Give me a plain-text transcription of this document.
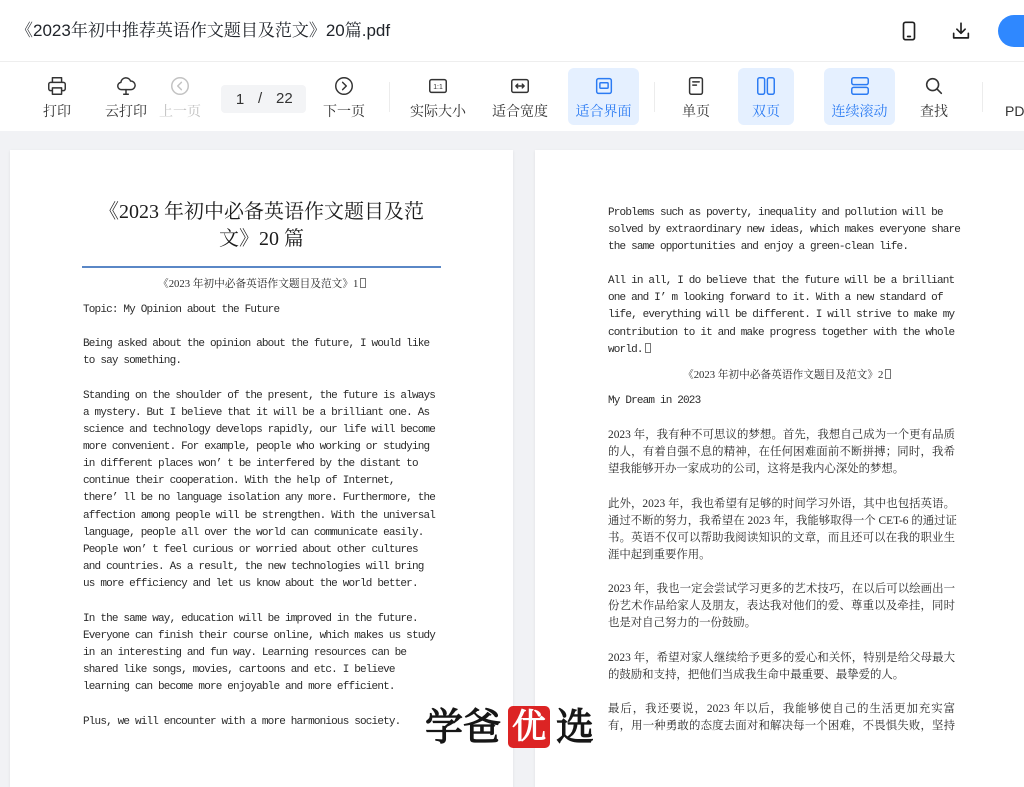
《2023年初中推荐英语作文题目及范文》20篇.pdf
打印	云打印 上一页
1
/ 22
下一页
1:1
实际大小	适合宽度	适合界面	单页	双页	连续滚动	查找	PD
《2023 年初中必备英语作文题目及范
文》20 篇
《2023 年初中必备英语作文题目及范文》1
Topic: My Opinion about the Future
Being asked about the opinion about the future, I would like
to say something.
Standing on the shoulder of the present, the future is always
a mystery. But I believe that it will be a brilliant one. As
science and technology develops rapidly, our life will become
more convenient. For example, people who working or studying
in different places won’ t be interfered by the distant to
continue their cooperation. With the help of Internet,
there’ ll be no language isolation any more. Furthermore, the
affection among people will be strengthen. With the universal
language, people all over the world can communicate easily.
People won’ t feel curious or worried about other cultures
and countries. As a result, the new technologies will bring
us more efficiency and let us know about the world better.
In the same way, education will be improved in the future.
Everyone can finish their course online, which makes us study
in an interesting and fun way. Learning resources can be
shared like songs, movies, cartoons and etc. I believe
learning can become more enjoyable and more efficient.
Plus, we will encounter with a more harmonious society.
Problems such as poverty, inequality and pollution will be
solved by extraordinary new ideas, which makes everyone share
the same opportunities and enjoy a green-clean life.
All in all, I do believe that the future will be a brilliant
one and I’ m looking forward to it. With a new standard of
life, everything will be different. I will strive to make my
contribution to it and make progress together with the whole
world.
《2023 年初中必备英语作文题目及范文》2
My Dream in 2023
2023 年，我有种不可思议的梦想。首先，我想自己成为一个更有品质
的人，有着自强不息的精神，在任何困难面前不断拼搏；同时，我希
望我能够开办一家成功的公司，这将是我内心深处的梦想。
此外，2023 年，我也希望有足够的时间学习外语，其中也包括英语。
通过不断的努力，我希望在 2023 年，我能够取得一个 CET-6 的通过证
书。英语不仅可以帮助我阅读知识的文章，而且还可以在我的职业生
涯中起到重要作用。
2023 年，我也一定会尝试学习更多的艺术技巧，在以后可以绘画出一
份艺术作品给家人及朋友，表达我对他们的爱、尊重以及牵挂，同时
也是对自己努力的一份鼓励。
2023 年，希望对家人继续给予更多的爱心和关怀，特别是给父母最大
的鼓励和支持，把他们当成我生命中最重要、最挚爱的人。
最后，我还要说，2023 年以后，我能够使自己的生活更加充实富
有，用一种勇敢的态度去面对和解决每一个困难，不畏惧失败，坚持
学 爸 优 选
